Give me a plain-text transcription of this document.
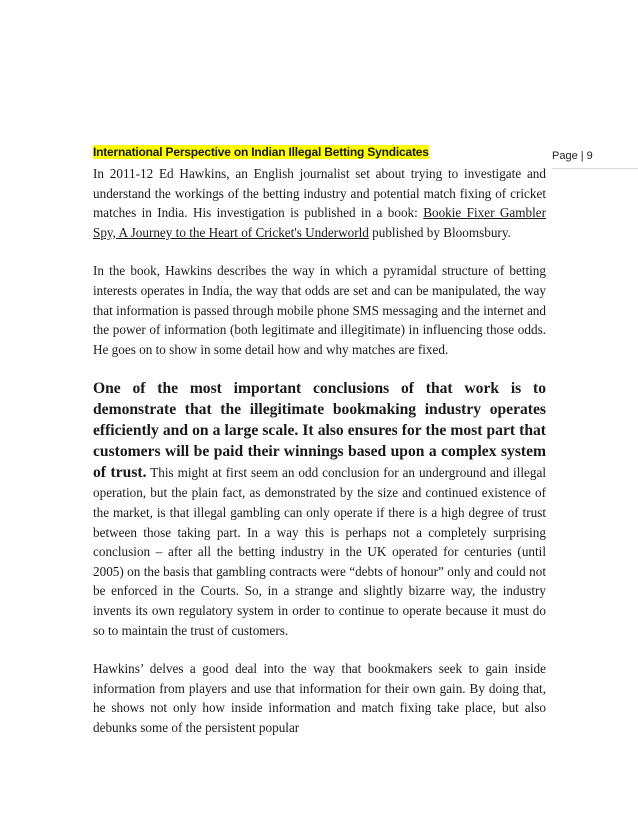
Page | 9
International Perspective on Indian Illegal Betting Syndicates

In 2011-12 Ed Hawkins, an English journalist set about trying to investigate and understand the workings of the betting industry and potential match fixing of cricket matches in India. His investigation is published in a book: Bookie Fixer Gambler Spy, A Journey to the Heart of Cricket's Underworld published by Bloomsbury.

In the book, Hawkins describes the way in which a pyramidal structure of betting interests operates in India, the way that odds are set and can be manipulated, the way that information is passed through mobile phone SMS messaging and the internet and the power of information (both legitimate and illegitimate) in influencing those odds. He goes on to show in some detail how and why matches are fixed.

One of the most important conclusions of that work is to demonstrate that the illegitimate bookmaking industry operates efficiently and on a large scale. It also ensures for the most part that customers will be paid their winnings based upon a complex system of trust. This might at first seem an odd conclusion for an underground and illegal operation, but the plain fact, as demonstrated by the size and continued existence of the market, is that illegal gambling can only operate if there is a high degree of trust between those taking part. In a way this is perhaps not a completely surprising conclusion – after all the betting industry in the UK operated for centuries (until 2005) on the basis that gambling contracts were “debts of honour” only and could not be enforced in the Courts. So, in a strange and slightly bizarre way, the industry invents its own regulatory system in order to continue to operate because it must do so to maintain the trust of customers.

Hawkins’ delves a good deal into the way that bookmakers seek to gain inside information from players and use that information for their own gain. By doing that, he shows not only how inside information and match fixing take place, but also debunks some of the persistent popular
